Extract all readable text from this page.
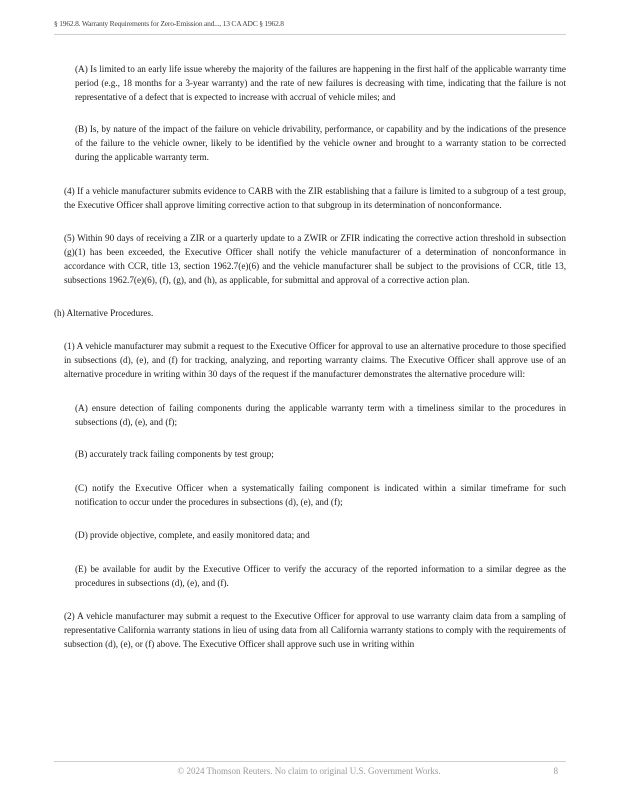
§ 1962.8. Warranty Requirements for Zero-Emission and..., 13 CA ADC § 1962.8

(A) Is limited to an early life issue whereby the majority of the failures are happening in the first half of the applicable warranty time period (e.g., 18 months for a 3-year warranty) and the rate of new failures is decreasing with time, indicating that the failure is not representative of a defect that is expected to increase with accrual of vehicle miles; and

(B) Is, by nature of the impact of the failure on vehicle drivability, performance, or capability and by the indications of the presence of the failure to the vehicle owner, likely to be identified by the vehicle owner and brought to a warranty station to be corrected during the applicable warranty term.

(4) If a vehicle manufacturer submits evidence to CARB with the ZIR establishing that a failure is limited to a subgroup of a test group, the Executive Officer shall approve limiting corrective action to that subgroup in its determination of nonconformance.

(5) Within 90 days of receiving a ZIR or a quarterly update to a ZWIR or ZFIR indicating the corrective action threshold in subsection (g)(1) has been exceeded, the Executive Officer shall notify the vehicle manufacturer of a determination of nonconformance in accordance with CCR, title 13, section 1962.7(e)(6) and the vehicle manufacturer shall be subject to the provisions of CCR, title 13, subsections 1962.7(e)(6), (f), (g), and (h), as applicable, for submittal and approval of a corrective action plan.

(h) Alternative Procedures.

(1) A vehicle manufacturer may submit a request to the Executive Officer for approval to use an alternative procedure to those specified in subsections (d), (e), and (f) for tracking, analyzing, and reporting warranty claims. The Executive Officer shall approve use of an alternative procedure in writing within 30 days of the request if the manufacturer demonstrates the alternative procedure will:

(A) ensure detection of failing components during the applicable warranty term with a timeliness similar to the procedures in subsections (d), (e), and (f);

(B) accurately track failing components by test group;

(C) notify the Executive Officer when a systematically failing component is indicated within a similar timeframe for such notification to occur under the procedures in subsections (d), (e), and (f);

(D) provide objective, complete, and easily monitored data; and

(E) be available for audit by the Executive Officer to verify the accuracy of the reported information to a similar degree as the procedures in subsections (d), (e), and (f).

(2) A vehicle manufacturer may submit a request to the Executive Officer for approval to use warranty claim data from a sampling of representative California warranty stations in lieu of using data from all California warranty stations to comply with the requirements of subsection (d), (e), or (f) above. The Executive Officer shall approve such use in writing within

© 2024 Thomson Reuters. No claim to original U.S. Government Works.	8
